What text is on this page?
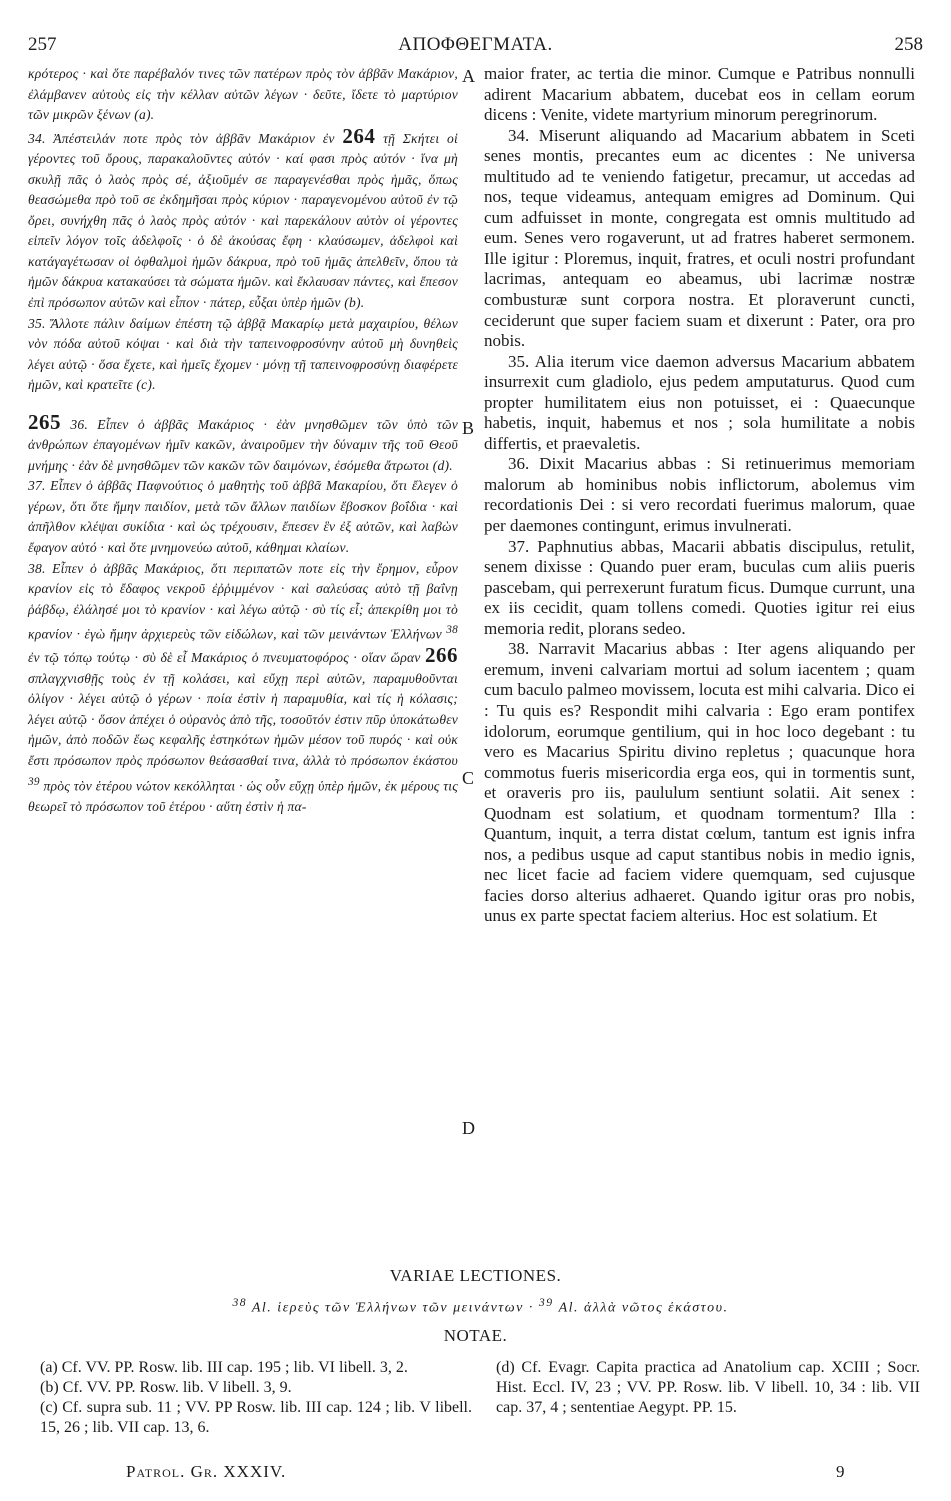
257	ΑΠΟΦΘΕΓΜΑΤΑ.	258

κρότερος · καὶ ὅτε παρέβαλόν τινες τῶν πατέρων πρὸς τὸν ἀββᾶν Μακάριον, ἐλάμβανεν αὐτοὺς εἰς τὴν κέλλαν αὐτῶν λέγων · δεῦτε, ἴδετε τὸ μαρτύριον τῶν μικρῶν ξένων (a).

34. Ἀπέστειλάν ποτε πρὸς τὸν ἀββᾶν Μακάριον ἐν 264 τῇ Σκήτει οἱ γέροντες τοῦ ὄρους, παρακαλοῦντες αὐτόν · καί φασι πρὸς αὐτόν · ἵνα μὴ σκυλῇ πᾶς ὁ λαὸς πρὸς σέ, ἀξιοῦμέν σε παραγενέσθαι πρὸς ἡμᾶς, ὅπως θεασώμεθα πρὸ τοῦ σε ἐκδημῆσαι πρὸς κύριον · παραγενομένου αὐτοῦ ἐν τῷ ὄρει, συνήχθη πᾶς ὁ λαὸς πρὸς αὐτόν · καὶ παρεκάλουν αὐτὸν οἱ γέροντες εἰπεῖν λόγον τοῖς ἀδελφοῖς · ὁ δὲ ἀκούσας ἔφη · κλαύσωμεν, ἀδελφοὶ καὶ κατάγαγέτωσαν οἱ ὀφθαλμοὶ ἡμῶν δάκρυα, πρὸ τοῦ ἡμᾶς ἀπελθεῖν, ὅπου τὰ ἡμῶν δάκρυα κατακαύσει τὰ σώματα ἡμῶν. καὶ ἔκλαυσαν πάντες, καὶ ἔπεσον ἐπὶ πρόσωπον αὐτῶν καὶ εἶπον · πάτερ, εὖξαι ὑπὲρ ἡμῶν (b).

35. Ἄλλοτε πάλιν δαίμων ἐπέστη τῷ ἀββᾷ Μακαρίῳ μετὰ μαχαιρίου, θέλων νὸν πόδα αὐτοῦ κόψαι · καὶ διὰ τὴν ταπεινοφροσύνην αὐτοῦ μὴ δυνηθεὶς λέγει αὐτῷ · ὅσα ἔχετε, καὶ ἡμεῖς ἔχομεν · μόνῃ τῇ ταπεινοφροσύνῃ διαφέρετε ἡμῶν, καὶ κρατεῖτε (c).

265 36. Εἶπεν ὁ ἀββᾶς Μακάριος · ἐὰν μνησθῶμεν τῶν ὑπὸ τῶν ἀνθρώπων ἐπαγομένων ἡμῖν κακῶν, ἀναιροῦμεν τὴν δύναμιν τῆς τοῦ Θεοῦ μνήμης · ἐὰν δὲ μνησθῶμεν τῶν κακῶν τῶν δαιμόνων, ἐσόμεθα ἄτρωτοι (d).

37. Εἶπεν ὁ ἀββᾶς Παφνούτιος ὁ μαθητὴς τοῦ ἀββᾶ Μακαρίου, ὅτι ἔλεγεν ὁ γέρων, ὅτι ὅτε ἤμην παιδίον, μετὰ τῶν ἄλλων παιδίων ἔβοσκον βοΐδια · καὶ ἀπῆλθον κλέψαι συκίδια · καὶ ὡς τρέχουσιν, ἔπεσεν ἓν ἐξ αὐτῶν, καὶ λαβὼν ἔφαγον αὐτό · καὶ ὅτε μνημονεύω αὐτοῦ, κάθημαι κλαίων.

38. Εἶπεν ὁ ἀββᾶς Μακάριος, ὅτι περιπατῶν ποτε εἰς τὴν ἔρημον, εὗρον κρανίον εἰς τὸ ἔδαφος νεκροῦ ἐῤῥιμμένον · καὶ σαλεύσας αὐτὸ τῇ βαΐνῃ ῥάβδῳ, ἐλάλησέ μοι τὸ κρανίον · καὶ λέγω αὐτῷ · σὺ τίς εἶ; ἀπεκρίθη μοι τὸ κρανίον · ἐγὼ ἤμην ἀρχιερεὺς τῶν εἰδώλων, καὶ τῶν μεινάντων Ἑλλήνων $^{38}$ ἐν τῷ τόπῳ τούτῳ · σὺ δὲ εἶ Μακάριος ὁ πνευματοφόρος · οἵαν ὥραν 266 σπλαγχνισθῇς τοὺς ἐν τῇ κολάσει, καὶ εὔχῃ περὶ αὐτῶν, παραμυθοῦνται ὀλίγον · λέγει αὐτῷ ὁ γέρων · ποία ἐστὶν ἡ παραμυθία, καὶ τίς ἡ κόλασις; λέγει αὐτῷ · ὅσον ἀπέχει ὁ οὐρανὸς ἀπὸ τῆς, τοσοῦτόν ἐστιν πῦρ ὑποκάτωθεν ἡμῶν, ἀπὸ ποδῶν ἕως κεφαλῆς ἑστηκότων ἡμῶν μέσον τοῦ πυρός · καὶ οὐκ ἔστι πρόσωπον πρὸς πρόσωπον θεάσασθαί τινα, ἀλλὰ τὸ πρόσωπον ἑκάστου $^{39}$ πρὸς τὸν ἑτέρου νώτον κεκόλληται · ὡς οὖν εὔχῃ ὑπὲρ ἡμῶν, ἐκ μέρους τις θεωρεῖ τὸ πρόσωπον τοῦ ἑτέρου · αὕτη ἐστὶν ἡ πα-

A
B
C
D

maior frater, ac tertia die minor. Cumque e Patribus nonnulli adirent Macarium abbatem, ducebat eos in cellam eorum dicens : Venite, videte martyrium minorum peregrinorum.

34. Miserunt aliquando ad Macarium abbatem in Sceti senes montis, precantes eum ac dicentes : Ne universa multitudo ad te veniendo fatigetur, precamur, ut accedas ad nos, teque videamus, antequam emigres ad Dominum. Qui cum adfuisset in monte, congregata est omnis multitudo ad eum. Senes vero rogaverunt, ut ad fratres haberet sermonem. Ille igitur : Ploremus, inquit, fratres, et oculi nostri profundant lacrimas, antequam eo abeamus, ubi lacrimæ nostræ combusturæ sunt corpora nostra. Et ploraverunt cuncti, ceciderunt que super faciem suam et dixerunt : Pater, ora pro nobis.

35. Alia iterum vice daemon adversus Macarium abbatem insurrexit cum gladiolo, ejus pedem amputaturus. Quod cum propter humilitatem eius non potuisset, ei : Quaecunque habetis, inquit, habemus et nos ; sola humilitate a nobis differtis, et praevaletis.

36. Dixit Macarius abbas : Si retinuerimus memoriam malorum ab hominibus nobis inflictorum, abolemus vim recordationis Dei : si vero recordati fuerimus malorum, quae per daemones contingunt, erimus invulnerati.

37. Paphnutius abbas, Macarii abbatis discipulus, retulit, senem dixisse : Quando puer eram, buculas cum aliis pueris pascebam, qui perrexerunt furatum ficus. Dumque currunt, una ex iis cecidit, quam tollens comedi. Quoties igitur rei eius memoria redit, plorans sedeo.

38. Narravit Macarius abbas : Iter agens aliquando per eremum, inveni calvariam mortui ad solum iacentem ; quam cum baculo palmeo movissem, locuta est mihi calvaria. Dico ei : Tu quis es? Respondit mihi calvaria : Ego eram pontifex idolorum, eorumque gentilium, qui in hoc loco degebant : tu vero es Macarius Spiritu divino repletus ; quacunque hora commotus fueris misericordia erga eos, qui in tormentis sunt, et oraveris pro iis, paululum sentiunt solatii. Ait senex : Quodnam est solatium, et quodnam tormentum? Illa : Quantum, inquit, a terra distat cœlum, tantum est ignis infra nos, a pedibus usque ad caput stantibus nobis in medio ignis, nec licet facie ad faciem videre quemquam, sed cujusque facies dorso alterius adhaeret. Quando igitur oras pro nobis, unus ex parte spectat faciem alterius. Hoc est solatium. Et

VARIAE LECTIONES.
$^{38}$ Al. ἱερεὺς τῶν Ἑλλήνων τῶν μεινάντων · $^{39}$ Al. ἀλλὰ νῶτος ἑκάστου.
NOTAE.

(a) Cf. VV. PP. Rosw. lib. III cap. 195 ; lib. VI libell. 3, 2.

(b) Cf. VV. PP. Rosw. lib. V libell. 3, 9.

(c) Cf. supra sub. 11 ; VV. PP Rosw. lib. III cap. 124 ; lib. V libell. 15, 26 ; lib. VII cap. 13, 6.

(d) Cf. Evagr. Capita practica ad Anatolium cap. XCIII ; Socr. Hist. Eccl. IV, 23 ; VV. PP. Rosw. lib. V libell. 10, 34 : lib. VII cap. 37, 4 ; sententiae Aegypt. PP. 15.

Patrol. Gr. XXXIV.	9
